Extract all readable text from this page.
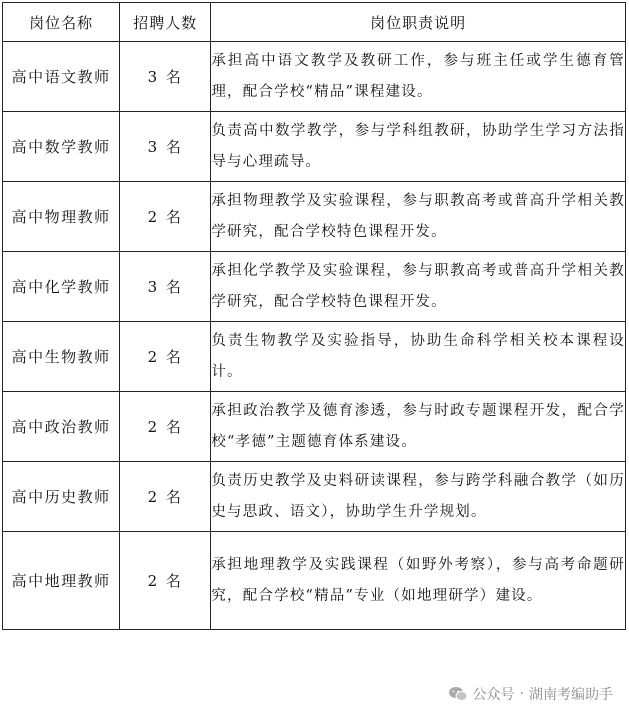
岗位名称	招聘人数	岗位职责说明
高中语文教师	3 名	承担高中语文教学及教研工作，参与班主任或学生德育管理，配合学校“精品”课程建设。
高中数学教师	3 名	负责高中数学教学，参与学科组教研，协助学生学习方法指导与心理疏导。
高中物理教师	2 名	承担物理教学及实验课程，参与职教高考或普高升学相关教学研究，配合学校特色课程开发。
高中化学教师	3 名	承担化学教学及实验课程，参与职教高考或普高升学相关教学研究，配合学校特色课程开发。
高中生物教师	2 名	负责生物教学及实验指导，协助生命科学相关校本课程设计。
高中政治教师	2 名	承担政治教学及德育渗透，参与时政专题课程开发，配合学校“孝德”主题德育体系建设。
高中历史教师	2 名	负责历史教学及史料研读课程，参与跨学科融合教学（如历史与思政、语文），协助学生升学规划。
高中地理教师	2 名	承担地理教学及实践课程（如野外考察），参与高考命题研究，配合学校“精品”专业（如地理研学）建设。
公众号 · 湖南考编助手
